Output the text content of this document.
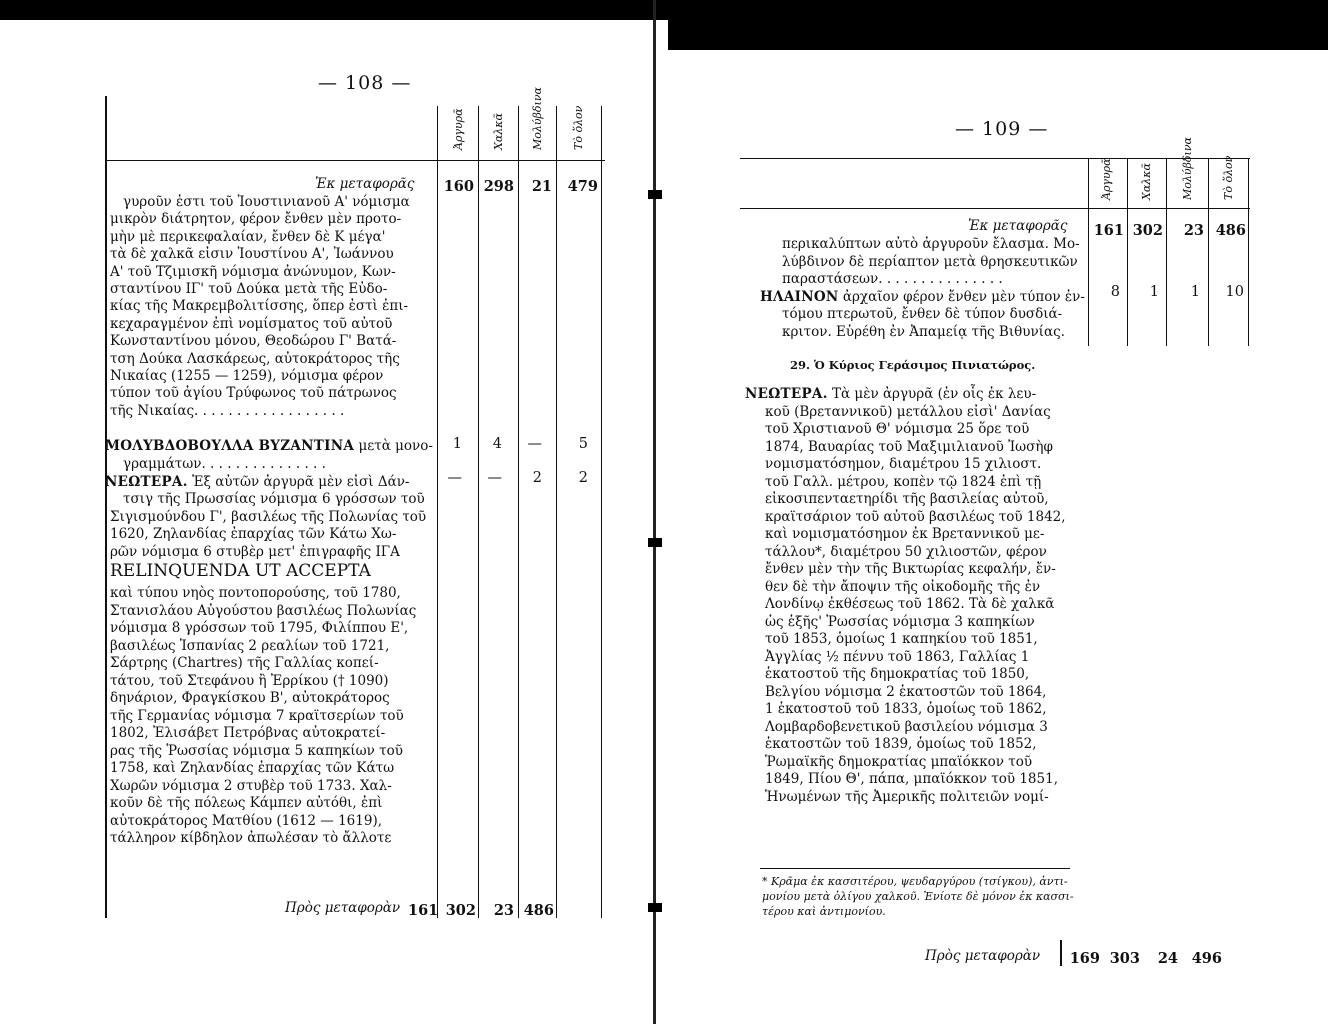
— 108 —
Ἀργυρᾶ Χαλκᾶ Μολύβδινα	Τὸ ὅλον
Ἐκ μεταφορᾶς 160 298	21	479
γυροῦν ἐστι τοῦ Ἰουστινιανοῦ Α' νόμισμα
μικρὸν διάτρητον, φέρον ἔνθεν μὲν προτο-
μὴν μὲ περικεφαλαίαν, ἔνθεν δὲ Κ μέγα'
τὰ δὲ χαλκᾶ εἰσιν Ἰουστίνου Α', Ἰωάννου
Α' τοῦ Τζιμισκῆ νόμισμα ἀνώνυμον, Κων-
σταντίνου ΙΓ' τοῦ Δούκα μετὰ τῆς Εὐδο-
κίας τῆς Μακρεμβολιτίσσης, ὅπερ ἐστὶ ἐπι-
κεχαραγμένον ἐπὶ νομίσματος τοῦ αὐτοῦ
Κωνσταντίνου μόνου, Θεοδώρου Γ' Βατά-
τση Δούκα Λασκάρεως, αὐτοκράτορος τῆς
Νικαίας (1255 — 1259), νόμισμα φέρον
τύπον τοῦ ἁγίου Τρύφωνος τοῦ πάτρωνος
τῆς Νικαίας. . . . . . . . . . . . . . . . . .
1	4	—	5
ΜΟΛΥΒΔΟΒΟΥΛΛΑ ΒΥΖΑΝΤΙΝΑ μετὰ μονο-
γραμμάτων. . . . . . . . . . . . . . .
—	—	2	2
ΝΕΩΤΕΡΑ. Ἐξ αὐτῶν ἀργυρᾶ μὲν εἰσὶ Δάν-
τσιγ τῆς Πρωσσίας νόμισμα 6 γρόσσων τοῦ
Σιγισμούνδου Γ', βασιλέως τῆς Πολωνίας τοῦ
1620, Ζηλανδίας ἐπαρχίας τῶν Κάτω Χω-
ρῶν νόμισμα 6 στυβὲρ μετ' ἐπιγραφῆς ΙΓΑ
RELINQUENDA UT ACCEPTA
καὶ τύπου νηὸς ποντοπορούσης, τοῦ 1780,
Στανισλάου Αὐγούστου βασιλέως Πολωνίας
νόμισμα 8 γρόσσων τοῦ 1795, Φιλίππου Ε',
βασιλέως Ἱσπανίας 2 ρεαλίων τοῦ 1721,
Σάρτρης (Chartres) τῆς Γαλλίας κοπεί-
τάτου, τοῦ Στεφάνου ἢ Ἐρρίκου († 1090)
δηνάριον, Φραγκίσκου Β', αὐτοκράτορος
τῆς Γερμανίας νόμισμα 7 κραϊτσερίων τοῦ
1802, Ἐλισάβετ Πετρόβνας αὐτοκρατεί-
ρας τῆς Ῥωσσίας νόμισμα 5 καπηκίων τοῦ
1758, καὶ Ζηλανδίας ἐπαρχίας τῶν Κάτω
Χωρῶν νόμισμα 2 στυβὲρ τοῦ 1733. Χαλ-
κοῦν δὲ τῆς πόλεως Κάμπεν αὐτόθι, ἐπὶ
αὐτοκράτορος Ματθίου (1612 — 1619),
τάλληρον κίβδηλον ἀπωλέσαν τὸ ἄλλοτε
Πρὸς μεταφορὰν 161 302	23 486
— 109 —
Ἀργυρᾶ Χαλκᾶ	Μολύβδινα	Τὸ ὅλον
Ἐκ μεταφορᾶς 161 302	23 486
περικαλύπτων αὐτὸ ἀργυροῦν ἔλασμα. Μο-
λύβδινον δὲ περίαπτον μετὰ θρησκευτικῶν
παραστάσεων. . . . . . . . . . . . . . .
8	1	1	10
ΗΛΑΙΝΟΝ ἀρχαῖον φέρον ἔνθεν μὲν τύπον ἐν-
τόμου πτερωτοῦ, ἔνθεν δὲ τύπον δυσδιά-
κριτον. Εὑρέθη ἐν Ἀπαμείᾳ τῆς Βιθυνίας.
29. Ὁ Κύριος Γεράσιμος Πινιατώρος.
ΝΕΩΤΕΡΑ. Τὰ μὲν ἀργυρᾶ (ἐν οἷς ἐκ λευ-
κοῦ (Βρεταννικοῦ) μετάλλου εἰσὶ' Δανίας
τοῦ Χριστιανοῦ Θ' νόμισμα 25 ὅρε τοῦ
1874, Βαυαρίας τοῦ Μαξιμιλιανοῦ Ἰωσὴφ
νομισματόσημον, διαμέτρου 15 χιλιοστ.
τοῦ Γαλλ. μέτρου, κοπὲν τῷ 1824 ἐπὶ τῇ
εἰκοσιπενταετηρίδι τῆς βασιλείας αὐτοῦ,
κραϊτσάριον τοῦ αὐτοῦ βασιλέως τοῦ 1842,
καὶ νομισματόσημον ἐκ Βρεταννικοῦ με-
τάλλου*, διαμέτρου 50 χιλιοστῶν, φέρον
ἔνθεν μὲν τὴν τῆς Βικτωρίας κεφαλήν, ἔν-
θεν δὲ τὴν ἄποψιν τῆς οἰκοδομῆς τῆς ἐν
Λονδίνῳ ἐκθέσεως τοῦ 1862. Τὰ δὲ χαλκᾶ
ὡς ἑξῆς' Ῥωσσίας νόμισμα 3 καπηκίων
τοῦ 1853, ὁμοίως 1 καπηκίου τοῦ 1851,
Ἀγγλίας ½ πέννυ τοῦ 1863, Γαλλίας 1
ἑκατοστοῦ τῆς δημοκρατίας τοῦ 1850,
Βελγίου νόμισμα 2 ἑκατοστῶν τοῦ 1864,
1 ἑκατοστοῦ τοῦ 1833, ὁμοίως τοῦ 1862,
Λομβαρδοβενετικοῦ βασιλείου νόμισμα 3
ἑκατοστῶν τοῦ 1839, ὁμοίως τοῦ 1852,
Ῥωμαϊκῆς δημοκρατίας μπαϊόκκον τοῦ
1849, Πίου Θ', πάπα, μπαϊόκκον τοῦ 1851,
Ἡνωμένων τῆς Ἀμερικῆς πολιτειῶν νομί-
* Κρᾶμα ἐκ κασσιτέρου, ψευδαργύρου (τσίγκου), ἀντι-
μονίου μετὰ ὀλίγου χαλκοῦ. Ἐνίοτε δὲ μόνον ἐκ κασσι-
τέρου καὶ ἀντιμονίου.
Πρὸς μεταφορὰν	169 303	24 496
